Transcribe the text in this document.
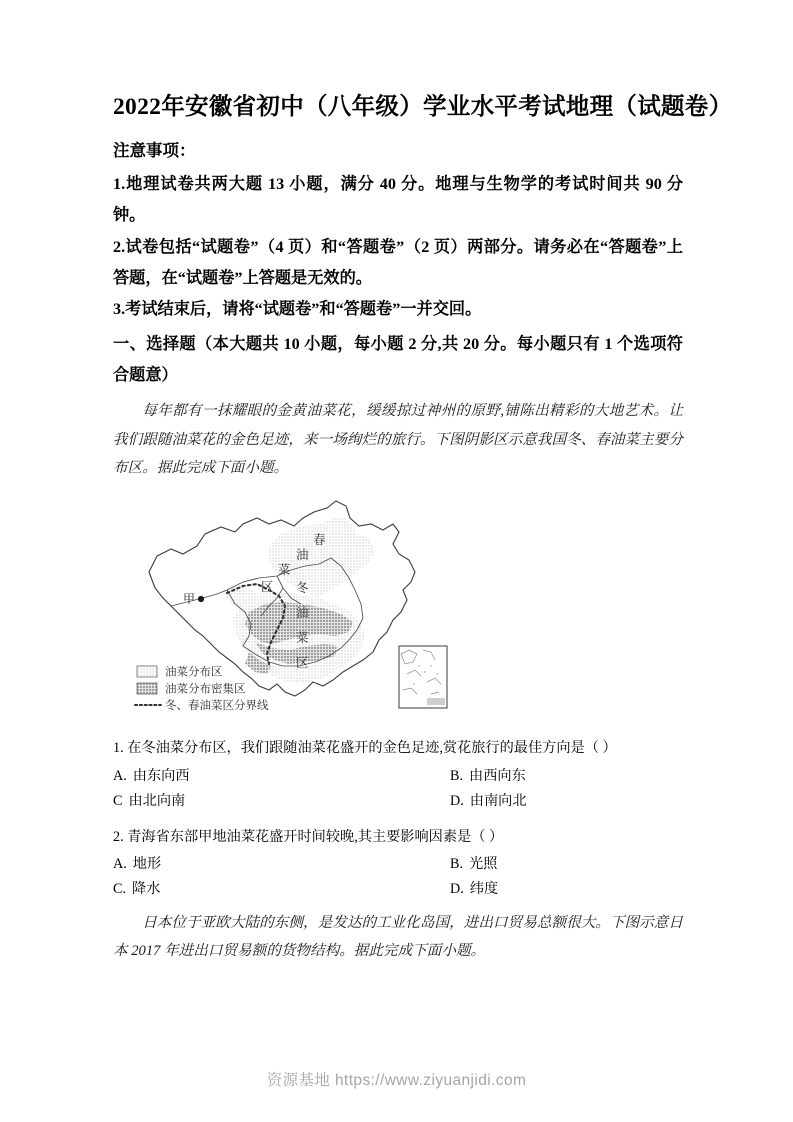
2022年安徽省初中（八年级）学业水平考试地理（试题卷）

注意事项：

1.地理试卷共两大题 13 小题，满分 40 分。地理与生物学的考试时间共 90 分钟。

2.试卷包括“试题卷”（4 页）和“答题卷”（2 页）两部分。请务必在“答题卷”上答题，在“试题卷”上答题是无效的。

3.考试结束后，请将“试题卷”和“答题卷”一并交回。

一、选择题（本大题共 10 小题，每小题 2 分,共 20 分。每小题只有 1 个选项符合题意）

每年都有一抹耀眼的金黄油菜花，缓缓掠过神州的原野,铺陈出精彩的大地艺术。让我们跟随油菜花的金色足迹，来一场绚烂的旅行。下图阴影区示意我国冬、春油菜主要分布区。据此完成下面小题。

甲
春
油
菜
区 冬
油
菜
区
油菜分布区
油菜分布密集区
冬、春油菜区分界线

1. 在冬油菜分布区，我们跟随油菜花盛开的金色足迹,赏花旅行的最佳方向是（ ）

A. 由东向西	B. 由西向东
C 由北向南	D. 由南向北

2. 青海省东部甲地油菜花盛开时间较晚,其主要影响因素是（ ）

A. 地形	B. 光照
C. 降水	D. 纬度

日本位于亚欧大陆的东侧，是发达的工业化岛国，进出口贸易总额很大。下图示意日本 2017 年进出口贸易额的货物结构。据此完成下面小题。

资源基地 https://www.ziyuanjidi.com
